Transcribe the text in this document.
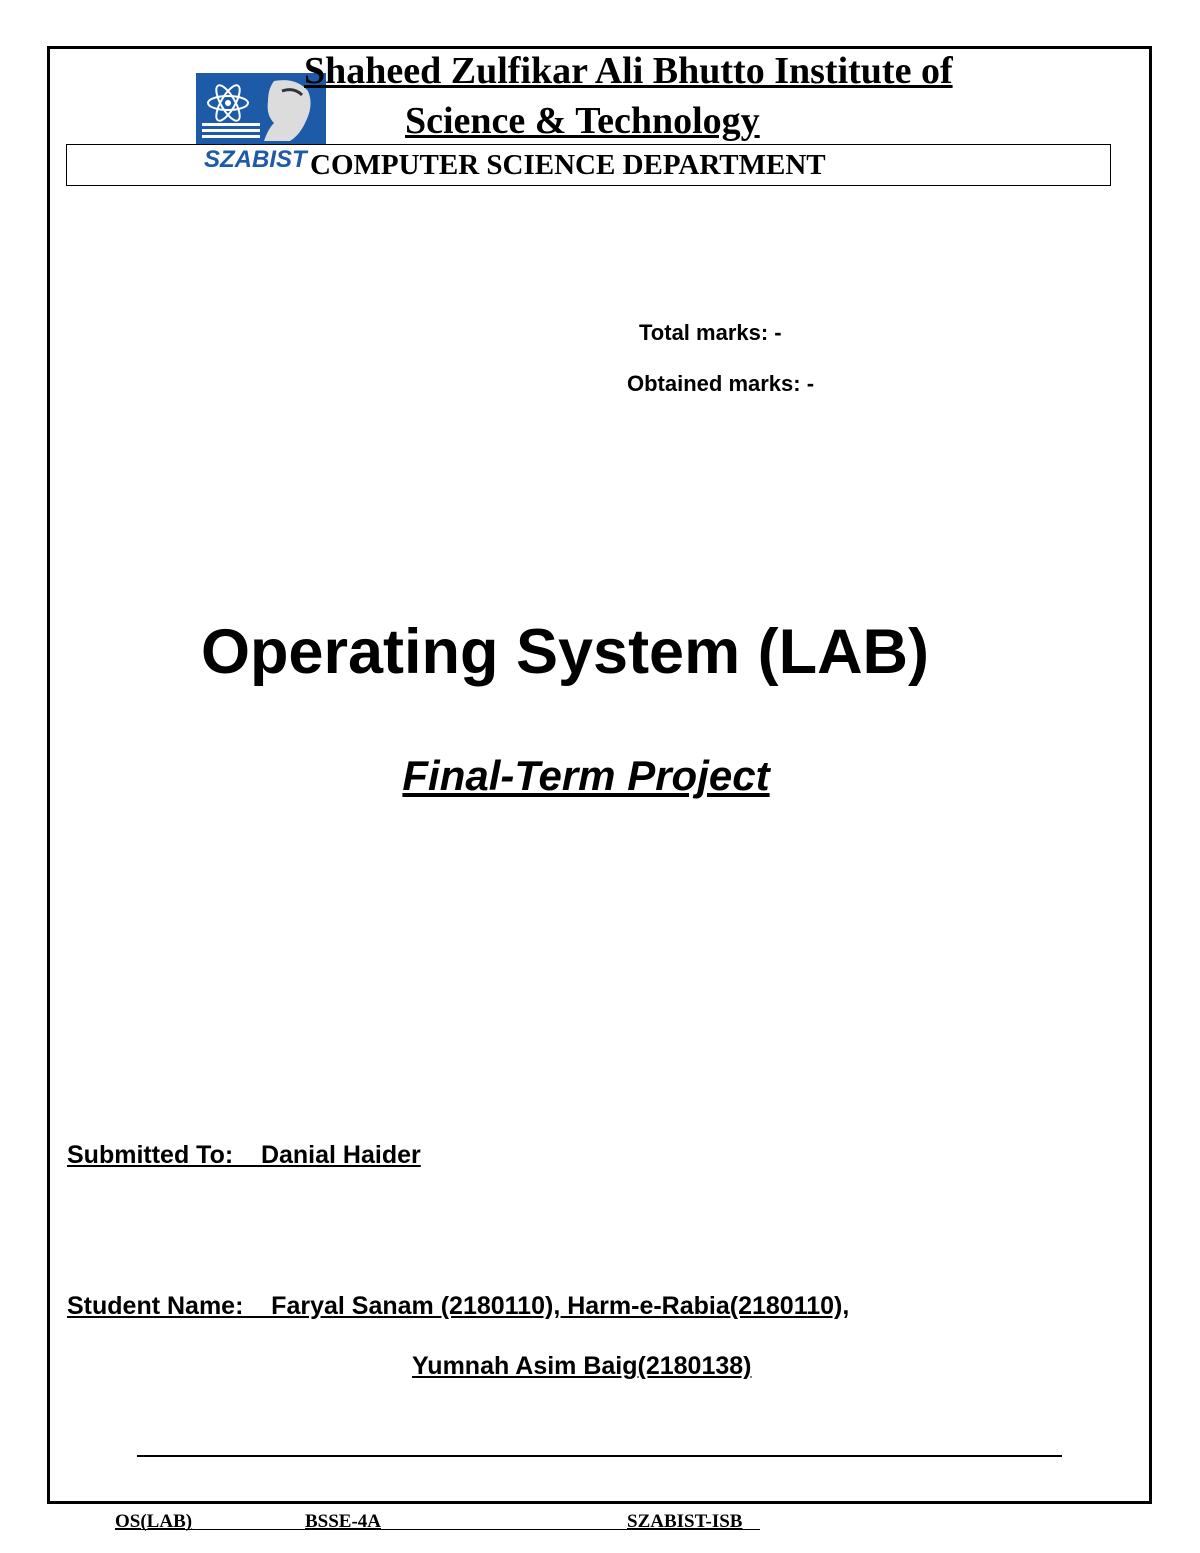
SZABIST
Shaheed Zulfikar Ali Bhutto Institute of
Science & Technology
COMPUTER SCIENCE DEPARTMENT
Total marks: -
Obtained marks: -
Operating System (LAB)
Final-Term Project
Submitted To:    Danial Haider
Student Name:    Faryal Sanam (2180110), Harm-e-Rabia(2180110),
Yumnah Asim Baig(2180138)
OS(LAB)	BSSE-4A	SZABIST-ISB
